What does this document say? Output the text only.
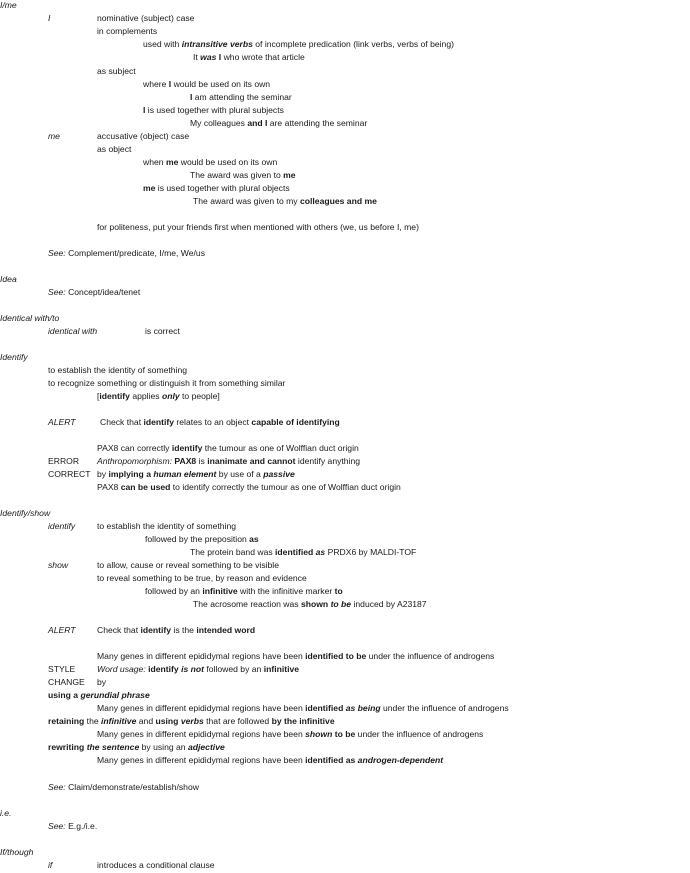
I/me
I	nominative (subject) case
in complements
used with intransitive verbs of incomplete predication (link verbs, verbs of being)
It was I who wrote that article
as subject
where I would be used on its own
I am attending the seminar
I is used together with plural subjects
My colleagues and I are attending the seminar
me	accusative (object) case
as object
when me would be used on its own
The award was given to me
me is used together with plural objects
The award was given to my colleagues and me
for politeness, put your friends first when mentioned with others (we, us before I, me)
See: Complement/predicate, I/me, We/us
Idea
See: Concept/idea/tenet
Identical with/to
identical with	is correct
Identify
to establish the identity of something
to recognize something or distinguish it from something similar
[identify applies only to people]
ALERT	Check that identify relates to an object capable of identifying
PAX8 can correctly identify the tumour as one of Wolffian duct origin
ERROR Anthropomorphism: PAX8 is inanimate and cannot identify anything
CORRECT by implying a human element by use of a passive
PAX8 can be used to identify correctly the tumour as one of Wolffian duct origin
Identify/show
identify	to establish the identity of something
followed by the preposition as
The protein band was identified as PRDX6 by MALDI-TOF
show	to allow, cause or reveal something to be visible
to reveal something to be true, by reason and evidence
followed by an infinitive with the infinitive marker to
The acrosome reaction was shown to be induced by A23187
ALERT Check that identify is the intended word
Many genes in different epididymal regions have been identified to be under the influence of androgens
STYLE	Word usage: identify is not followed by an infinitive
CHANGE by
using a gerundial phrase
Many genes in different epididymal regions have been identified as being under the influence of androgens
retaining the infinitive and using verbs that are followed by the infinitive
Many genes in different epididymal regions have been shown to be under the influence of androgens
rewriting the sentence by using an adjective
Many genes in different epididymal regions have been identified as androgen-dependent
See: Claim/demonstrate/establish/show
i.e.
See: E.g./i.e.
If/though
if	introduces a conditional clause
